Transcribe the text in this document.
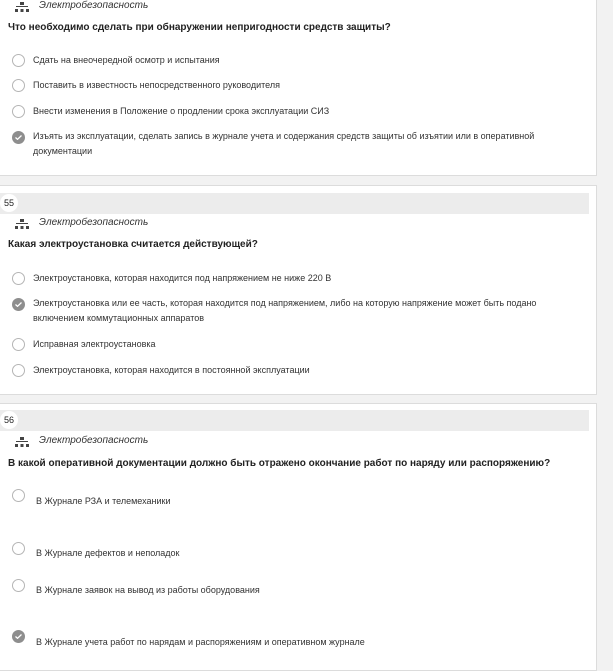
Электробезопасность
Что необходимо сделать при обнаружении непригодности средств защиты?
Сдать на внеочередной осмотр и испытания
Поставить в известность непосредственного руководителя
Внести изменения в Положение о продлении срока эксплуатации СИЗ
Изъять из эксплуатации, сделать запись в журнале учета и содержания средств защиты об изъятии или в оперативной документации
55
Электробезопасность
Какая электроустановка считается действующей?
Электроустановка, которая находится под напряжением не ниже 220 В
Электроустановка или ее часть, которая находится под напряжением, либо на которую напряжение может быть подано включением коммутационных аппаратов
Исправная электроустановка
Электроустановка, которая находится в постоянной эксплуатации
56
Электробезопасность
В какой оперативной документации должно быть отражено окончание работ по наряду или распоряжению?
В Журнале РЗА и телемеханики
В Журнале дефектов и неполадок
В Журнале заявок на вывод из работы оборудования
В Журнале учета работ по нарядам и распоряжениям и оперативном журнале
